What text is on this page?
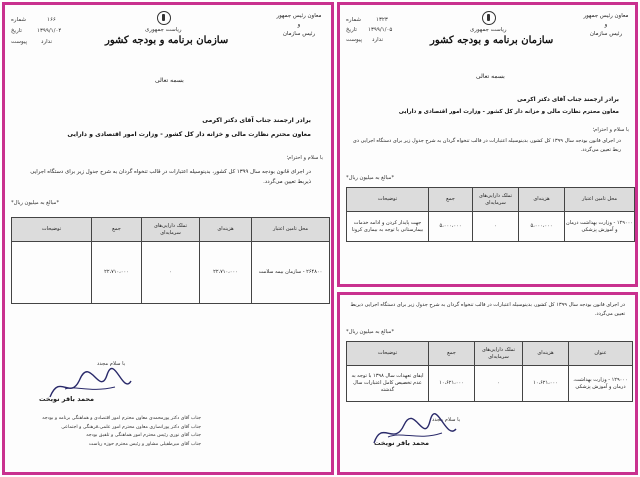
شماره	۱۶۶
تاریخ	۱۳۹۹/۱/۰۴
پیوست	ندارد
ریاست جمهوری
سازمان برنامه و بودجه کشور
معاون رئیس جمهور
و
رئیس سازمان
بسمه تعالی
برادر ارجمند جناب آقای دکتر اکرمی
معاون محترم نظارت مالی و خزانه دار کل کشور - وزارت امور اقتصادی و دارایی
با سلام و احترام؛
در اجرای قانون بودجه سال ۱۳۹۹ کل کشور، بدینوسیله اعتبارات در قالب تنخواه گردان به شرح جدول زیر برای دستگاه اجرایی ذیربط تعیین می‌گردد.
*مبالغ به میلیون ریال*
محل تامین اعتبار	هزینه‌ای	تملک دارایی‌های سرمایه‌ای	جمع	توضیحات
۲۶۴۸۰۰ - سازمان بیمه سلامت	۲۲،۷۱۰،۰۰۰	۰	۲۲،۷۱۰،۰۰۰	
با سلام مجدد
محمد باقر نوبخت
جناب آقای دکتر پورمحمدی معاون محترم امور اقتصادی و هماهنگی برنامه و بودجه
جناب آقای دکتر پورانصاری معاون محترم امور علمی،فرهنگی و اجتماعی
جناب آقای نوری رئیس محترم امور هماهنگی و تلفیق بودجه
جناب آقای میرطفیلی مشاور و رئیس محترم حوزه ریاست
شماره	۱۳۲۳
تاریخ ۱۳۹۹/۱/۰۵
پیوست ندارد
ریاست جمهوری
سازمان برنامه و بودجه کشور
معاون رئیس جمهور
و
رئیس سازمان
بسمه تعالی
برادر ارجمند جناب آقای دکتر اکرمی
معاون محترم نظارت مالی و خزانه دار کل کشور - وزارت امور اقتصادی و دارایی
با سلام و احترام؛
در اجرای قانون بودجه سال ۱۳۹۹ کل کشور، بدینوسیله اعتبارات در قالب تنخواه گردان به شرح جدول زیر برای دستگاه اجرایی ذی ربط تعیین می‌گردد.
*مبالغ به میلیون ریال*
محل تامین اعتبار	هزینه‌ای	تملک دارایی‌های سرمایه‌ای	جمع	توضیحات
۱۲۹۰۰۰ - وزارت بهداشت درمان و آموزش پزشکی	۵،۰۰۰،۰۰۰	۰	۵،۰۰۰،۰۰۰	جهت پایدار کردن و ادامه خدمات بیمارستانی با توجه به بیماری کرونا
در اجرای قانون بودجه سال ۱۳۹۹ کل کشور، بدینوسیله اعتبارات در قالب تنخواه گردان به شرح جدول زیر برای دستگاه اجرایی ذیربط تعیین می‌گردد.
*مبالغ به میلیون ریال*
عنوان	هزینه‌ای	تملک دارایی‌های سرمایه‌ای	جمع	توضیحات
۱۲۹۰۰۰ - وزارت بهداشت، درمان و آموزش پزشکی	۱۰،۶۲۱،۰۰۰	۰	۱۰،۶۲۱،۰۰۰	ایفای تعهدات سال ۱۳۹۸ با توجه به عدم تخصیص کامل اعتبارات سال گذشته
با سلام مجدد
محمد باقر نوبخت
